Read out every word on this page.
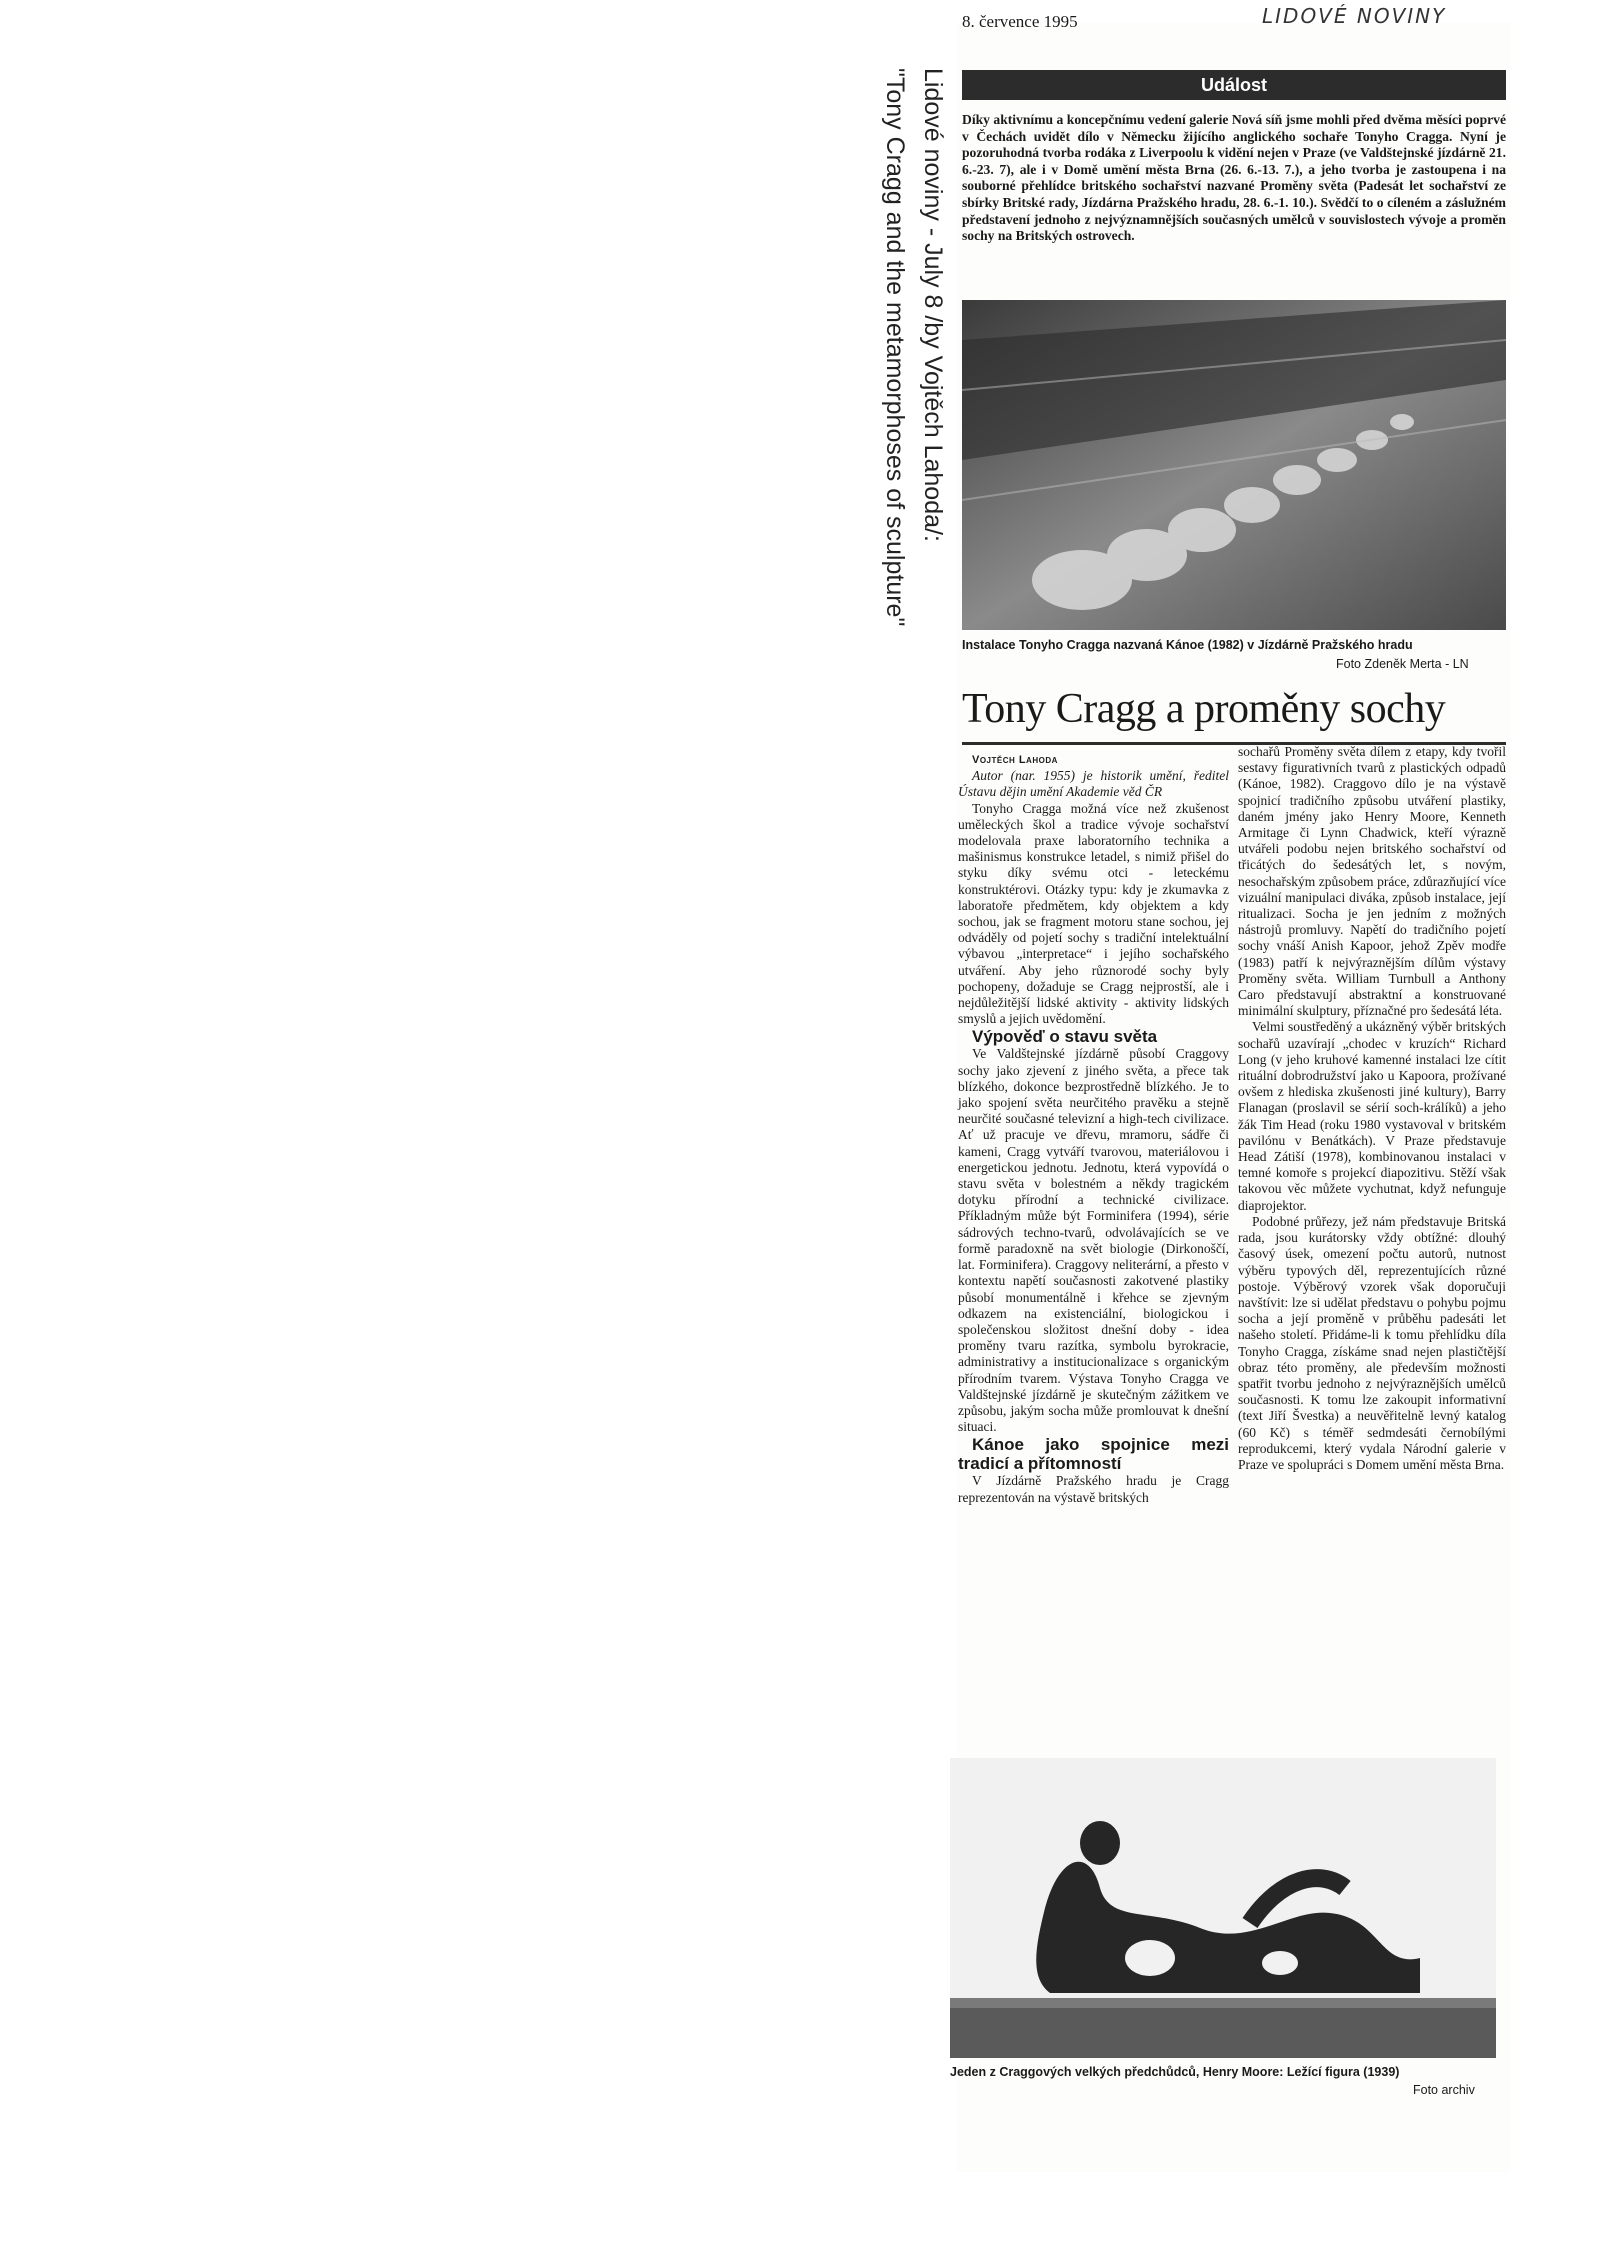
Lidové noviny - July 8 /by Vojtěch Lahoda/:
"Tony Cragg and the metamorphoses of sculpture"
8. července 1995	LIDOVÉ NOVINY
Událost
Díky aktivnímu a koncepčnímu vedení galerie Nová síň jsme mohli před dvěma měsíci poprvé v Čechách uvidět dílo v Německu žijícího anglického sochaře Tonyho Cragga. Nyní je pozoruhodná tvorba rodáka z Liverpoolu k vidění nejen v Praze (ve Valdštejnské jízdárně 21. 6.-23. 7), ale i v Domě umění města Brna (26. 6.-13. 7.), a jeho tvorba je zastoupena i na souborné přehlídce britského sochařství nazvané Proměny světa (Padesát let sochařství ze sbírky Britské rady, Jízdárna Pražského hradu, 28. 6.-1. 10.). Svědčí to o cíleném a záslužném představení jednoho z nejvýznamnějších současných umělců v souvislostech vývoje a proměn sochy na Britských ostrovech.
Instalace Tonyho Cragga nazvaná Kánoe (1982) v Jízdárně Pražského hradu
Foto Zdeněk Merta - LN
Tony Cragg a proměny sochy

Vojtěch Lahoda

Autor (nar. 1955) je historik umění, ředitel Ústavu dějin umění Akademie věd ČR

Tonyho Cragga možná více než zkušenost uměleckých škol a tradice vývoje sochařství modelovala praxe laboratorního technika a mašinismus konstrukce letadel, s nimiž přišel do styku díky svému otci - leteckému konstruktérovi. Otázky typu: kdy je zkumavka z laboratoře předmětem, kdy objektem a kdy sochou, jak se fragment motoru stane sochou, jej odváděly od pojetí sochy s tradiční intelektuální výbavou „interpretace“ i jejího sochařského utváření. Aby jeho různorodé sochy byly pochopeny, dožaduje se Cragg nejprostší, ale i nejdůležitější lidské aktivity - aktivity lidských smyslů a jejich uvědomění.

Výpověď o stavu světa

Ve Valdštejnské jízdárně působí Craggovy sochy jako zjevení z jiného světa, a přece tak blízkého, dokonce bezprostředně blízkého. Je to jako spojení světa neurčitého pravěku a stejně neurčité současné televizní a high-tech civilizace. Ať už pracuje ve dřevu, mramoru, sádře či kameni, Cragg vytváří tvarovou, materiálovou i energetickou jednotu. Jednotu, která vypovídá o stavu světa v bolestném a někdy tragickém dotyku přírodní a technické civilizace. Příkladným může být Forminifera (1994), série sádrových techno-tvarů, odvolávajících se ve formě paradoxně na svět biologie (Dirkonoščí, lat. Forminifera). Craggovy neliterární, a přesto v kontextu napětí současnosti zakotvené plastiky působí monumentálně i křehce se zjevným odkazem na existenciální, biologickou i společenskou složitost dnešní doby - idea proměny tvaru razítka, symbolu byrokracie, administrativy a institucionalizace s organickým přírodním tvarem. Výstava Tonyho Cragga ve Valdštejnské jízdárně je skutečným zážitkem ve způsobu, jakým socha může promlouvat k dnešní situaci.

Kánoe jako spojnice mezi tradicí a přítomností

V Jízdárně Pražského hradu je Cragg reprezentován na výstavě britských

sochařů Proměny světa dílem z etapy, kdy tvořil sestavy figurativních tvarů z plastických odpadů (Kánoe, 1982). Craggovo dílo je na výstavě spojnicí tradičního způsobu utváření plastiky, daném jmény jako Henry Moore, Kenneth Armitage či Lynn Chadwick, kteří výrazně utvářeli podobu nejen britského sochařství od třicátých do šedesátých let, s novým, nesochařským způsobem práce, zdůrazňující více vizuální manipulaci diváka, způsob instalace, její ritualizaci. Socha je jen jedním z možných nástrojů promluvy. Napětí do tradičního pojetí sochy vnáší Anish Kapoor, jehož Zpěv modře (1983) patří k nejvýraznějším dílům výstavy Proměny světa. William Turnbull a Anthony Caro představují abstraktní a konstruované minimální skulptury, příznačné pro šedesátá léta.

Velmi soustředěný a ukázněný výběr britských sochařů uzavírají „chodec v kruzích“ Richard Long (v jeho kruhové kamenné instalaci lze cítit rituální dobrodružství jako u Kapoora, prožívané ovšem z hlediska zkušenosti jiné kultury), Barry Flanagan (proslavil se sérií soch-králíků) a jeho žák Tim Head (roku 1980 vystavoval v britském pavilónu v Benátkách). V Praze představuje Head Zátiší (1978), kombinovanou instalaci v temné komoře s projekcí diapozitivu. Stěží však takovou věc můžete vychutnat, když nefunguje diaprojektor.

Podobné průřezy, jež nám představuje Britská rada, jsou kurátorsky vždy obtížné: dlouhý časový úsek, omezení počtu autorů, nutnost výběru typových děl, reprezentujících různé postoje. Výběrový vzorek však doporučuji navštívit: lze si udělat představu o pohybu pojmu socha a její proměně v průběhu padesáti let našeho století. Přidáme-li k tomu přehlídku díla Tonyho Cragga, získáme snad nejen plastičtější obraz této proměny, ale především možnosti spatřit tvorbu jednoho z nejvýraznějších umělců současnosti. K tomu lze zakoupit informativní (text Jiří Švestka) a neuvěřitelně levný katalog (60 Kč) s téměř sedmdesáti černobílými reprodukcemi, který vydala Národní galerie v Praze ve spolupráci s Domem umění města Brna.

Jeden z Craggových velkých předchůdců, Henry Moore: Ležící figura (1939)
Foto archiv
